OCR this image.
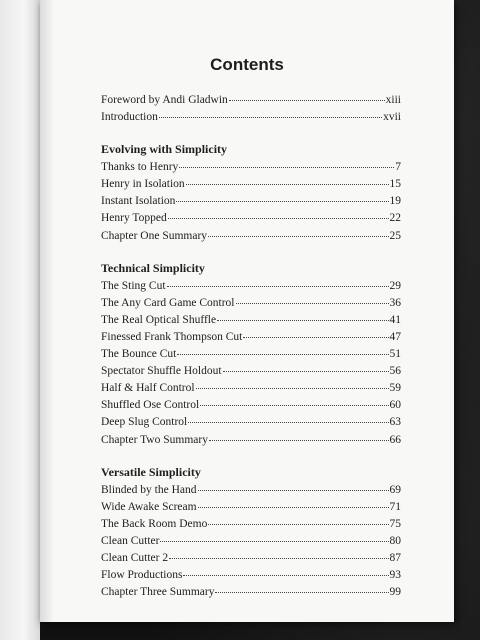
Contents
Foreword by Andi Gladwin	xiii
Introduction	xvii
Evolving with Simplicity
Thanks to Henry	7
Henry in Isolation	15
Instant Isolation	19
Henry Topped	22
Chapter One Summary	25
Technical Simplicity
The Sting Cut	29
The Any Card Game Control	36
The Real Optical Shuffle	41
Finessed Frank Thompson Cut	47
The Bounce Cut	51
Spectator Shuffle Holdout	56
Half & Half Control	59
Shuffled Ose Control	60
Deep Slug Control	63
Chapter Two Summary	66
Versatile Simplicity
Blinded by the Hand	69
Wide Awake Scream	71
The Back Room Demo	75
Clean Cutter	80
Clean Cutter 2	87
Flow Productions	93
Chapter Three Summary	99
